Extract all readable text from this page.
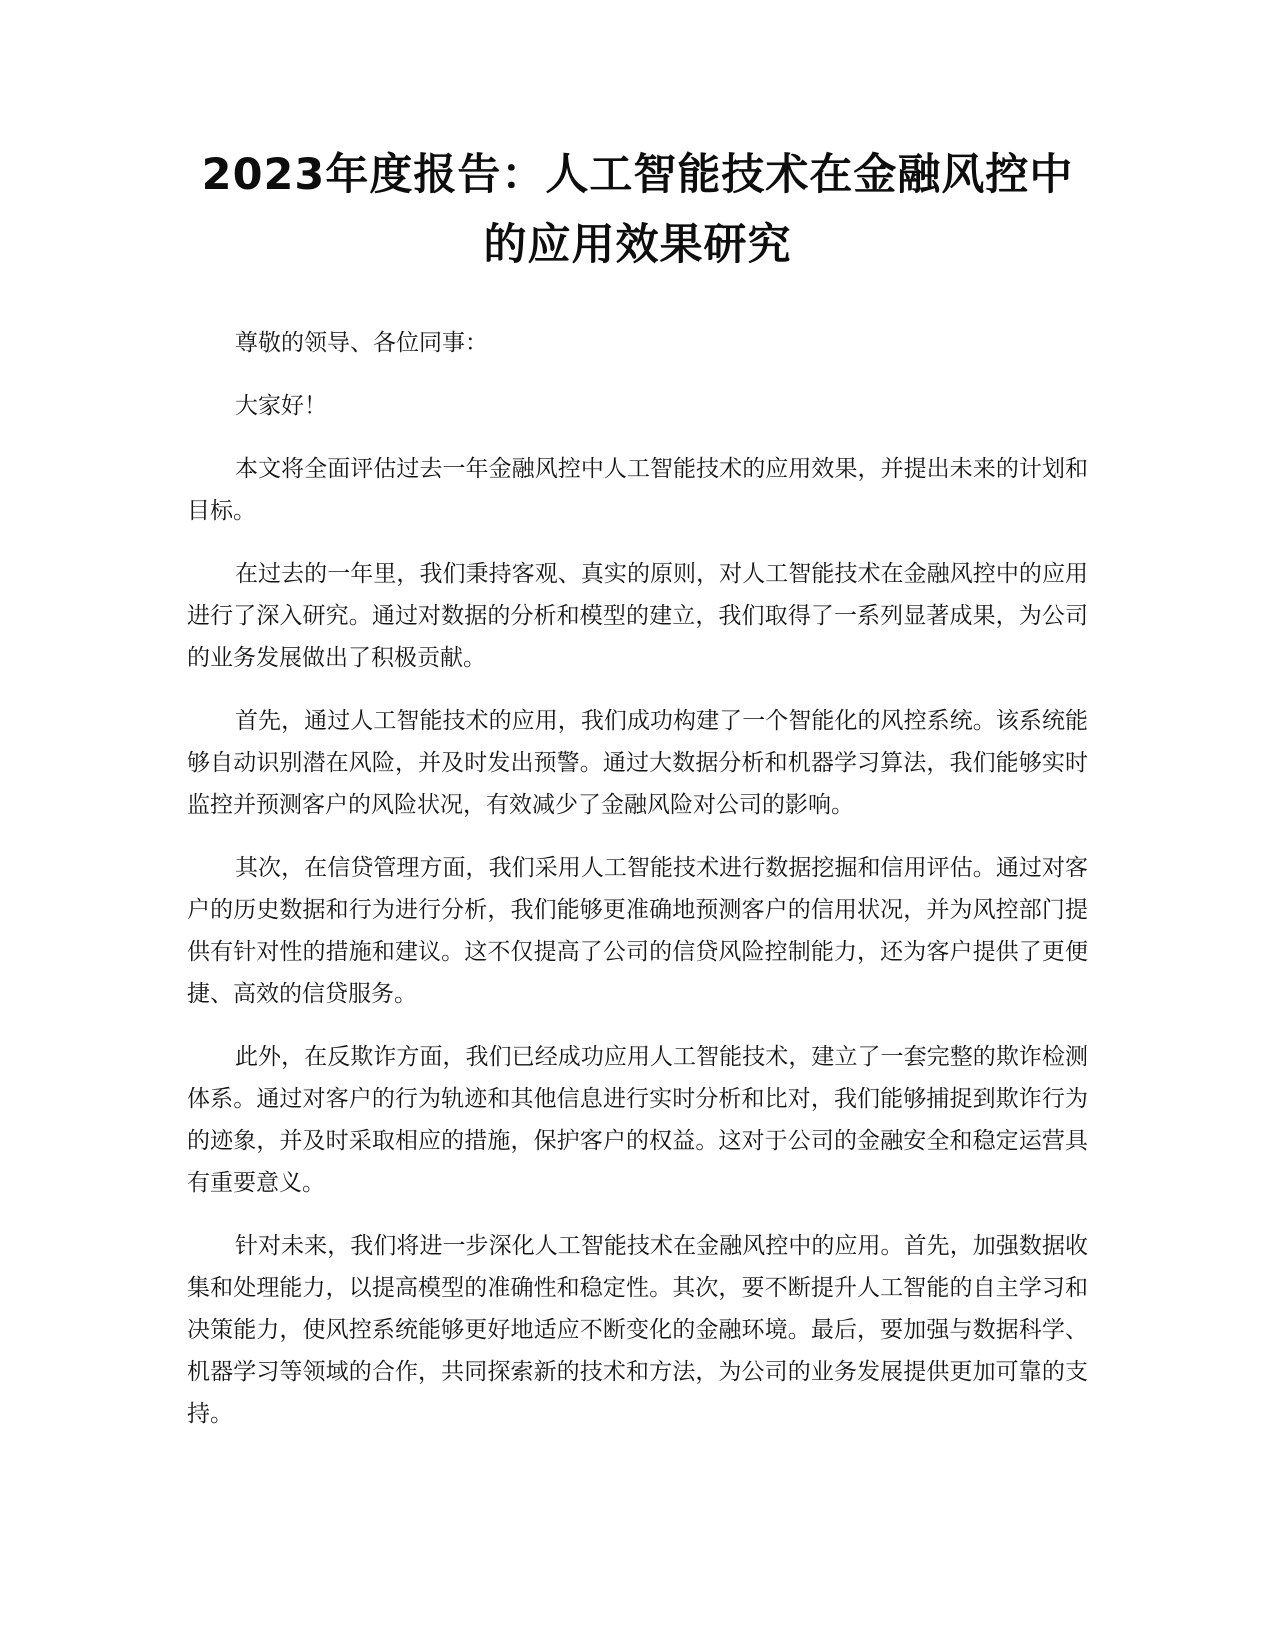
2023年度报告：人工智能技术在金融风控中
的应用效果研究

尊敬的领导、各位同事：

大家好！

本文将全面评估过去一年金融风控中人工智能技术的应用效果，并提出未来的计划和目标。

在过去的一年里，我们秉持客观、真实的原则，对人工智能技术在金融风控中的应用进行了深入研究。通过对数据的分析和模型的建立，我们取得了一系列显著成果，为公司的业务发展做出了积极贡献。

首先，通过人工智能技术的应用，我们成功构建了一个智能化的风控系统。该系统能够自动识别潜在风险，并及时发出预警。通过大数据分析和机器学习算法，我们能够实时监控并预测客户的风险状况，有效减少了金融风险对公司的影响。

其次，在信贷管理方面，我们采用人工智能技术进行数据挖掘和信用评估。通过对客户的历史数据和行为进行分析，我们能够更准确地预测客户的信用状况，并为风控部门提供有针对性的措施和建议。这不仅提高了公司的信贷风险控制能力，还为客户提供了更便捷、高效的信贷服务。

此外，在反欺诈方面，我们已经成功应用人工智能技术，建立了一套完整的欺诈检测体系。通过对客户的行为轨迹和其他信息进行实时分析和比对，我们能够捕捉到欺诈行为的迹象，并及时采取相应的措施，保护客户的权益。这对于公司的金融安全和稳定运营具有重要意义。

针对未来，我们将进一步深化人工智能技术在金融风控中的应用。首先，加强数据收集和处理能力，以提高模型的准确性和稳定性。其次，要不断提升人工智能的自主学习和决策能力，使风控系统能够更好地适应不断变化的金融环境。最后，要加强与数据科学、机器学习等领域的合作，共同探索新的技术和方法，为公司的业务发展提供更加可靠的支持。
